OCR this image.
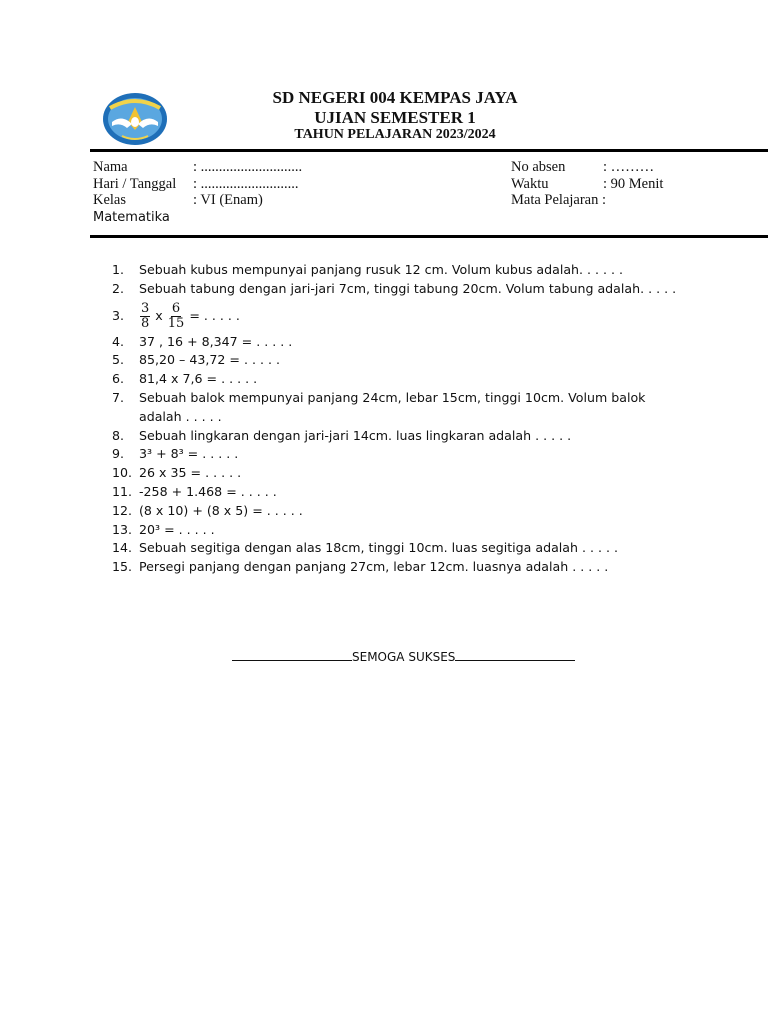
SD NEGERI 004 KEMPAS JAYA
UJIAN SEMESTER 1
TAHUN PELAJARAN 2023/2024
Nama	: ............................
Hari / Tanggal	: ...........................
Kelas	: VI (Enam)
No absen	: ………
Waktu	: 90 Menit
Mata Pelajaran :
Matematika
1.	Sebuah kubus mempunyai panjang rusuk 12 cm. Volum kubus adalah. . . . . .
2.	Sebuah tabung dengan jari-jari 7cm, tinggi tabung 20cm. Volum tabung adalah. . . . .
3.	$\frac{3}{8}$ x $\frac{6}{15}$ = . . . . .
4.	37 , 16 + 8,347 = . . . . .
5.	85,20 – 43,72 = . . . . .
6.	81,4 x 7,6 = . . . . .
7.	Sebuah balok mempunyai panjang 24cm, lebar 15cm, tinggi 10cm. Volum balok adalah . . . . .
8.	Sebuah lingkaran dengan jari-jari 14cm. luas lingkaran adalah . . . . .
9.	3³ + 8³ = . . . . .
10. 26 x 35 = . . . . .
11. -258 + 1.468 = . . . . .
12. (8 x 10) + (8 x 5) = . . . . .
13. 20³ = . . . . .
14. Sebuah segitiga dengan alas 18cm, tinggi 10cm. luas segitiga adalah . . . . .
15. Persegi panjang dengan panjang 27cm, lebar 12cm. luasnya adalah . . . . .
SEMOGA SUKSES
